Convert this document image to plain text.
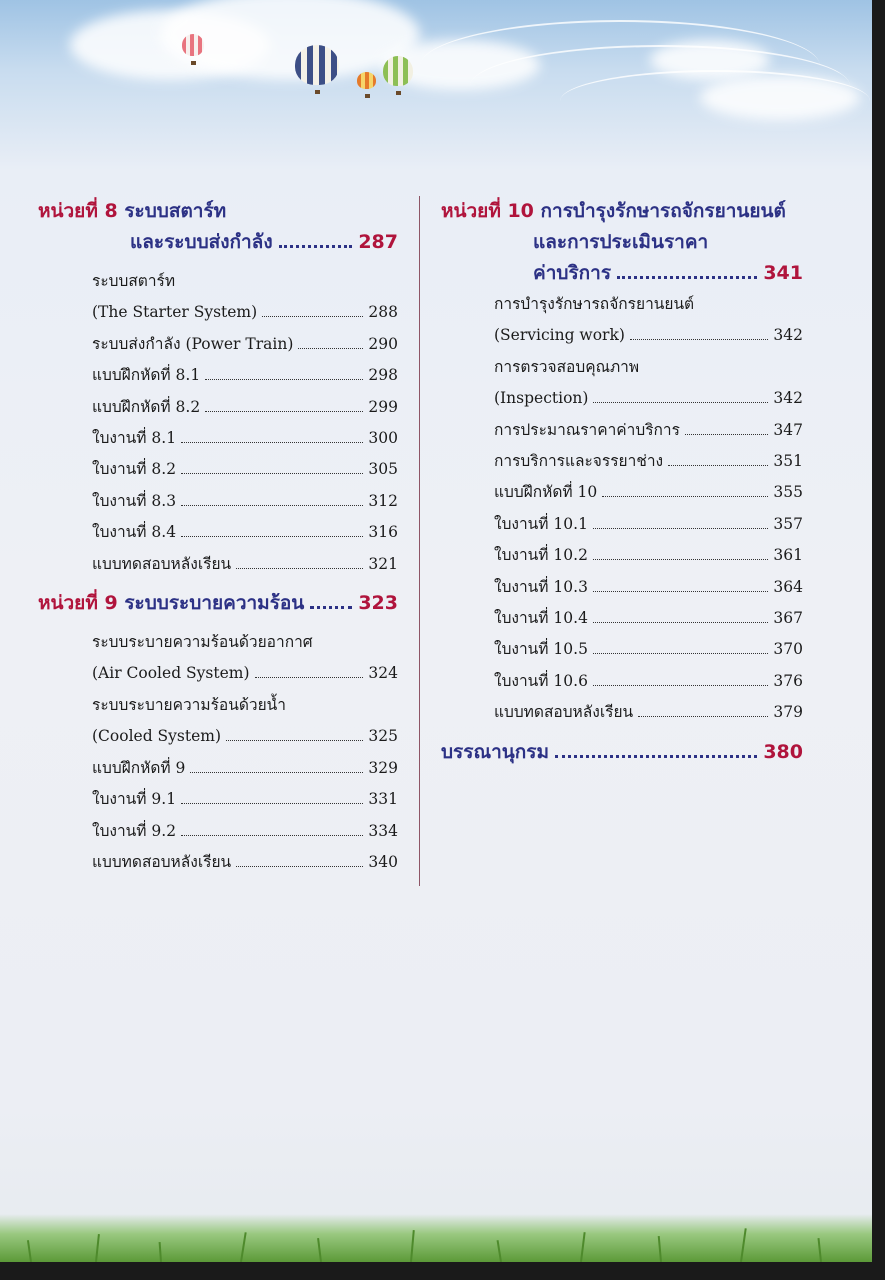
หน่วยที่ 8 ระบบสตาร์ท
และระบบส่งกำลัง	287
ระบบสตาร์ท
(The Starter System)	288
ระบบส่งกำลัง (Power Train)	290
แบบฝึกหัดที่ 8.1	298
แบบฝึกหัดที่ 8.2	299
ใบงานที่ 8.1	300
ใบงานที่ 8.2	305
ใบงานที่ 8.3	312
ใบงานที่ 8.4	316
แบบทดสอบหลังเรียน	321
หน่วยที่ 9 ระบบระบายความร้อน	323
ระบบระบายความร้อนด้วยอากาศ
(Air Cooled System)	324
ระบบระบายความร้อนด้วยน้ำ
(Cooled System)	325
แบบฝึกหัดที่ 9	329
ใบงานที่ 9.1	331
ใบงานที่ 9.2	334
แบบทดสอบหลังเรียน	340
หน่วยที่ 10 การบำรุงรักษารถจักรยานยนต์
และการประเมินราคา
ค่าบริการ	341
การบำรุงรักษารถจักรยานยนต์
(Servicing work)	342
การตรวจสอบคุณภาพ
(Inspection)	342
การประมาณราคาค่าบริการ	347
การบริการและจรรยาช่าง	351
แบบฝึกหัดที่ 10	355
ใบงานที่ 10.1	357
ใบงานที่ 10.2	361
ใบงานที่ 10.3	364
ใบงานที่ 10.4	367
ใบงานที่ 10.5	370
ใบงานที่ 10.6	376
แบบทดสอบหลังเรียน	379
บรรณานุกรม	380
